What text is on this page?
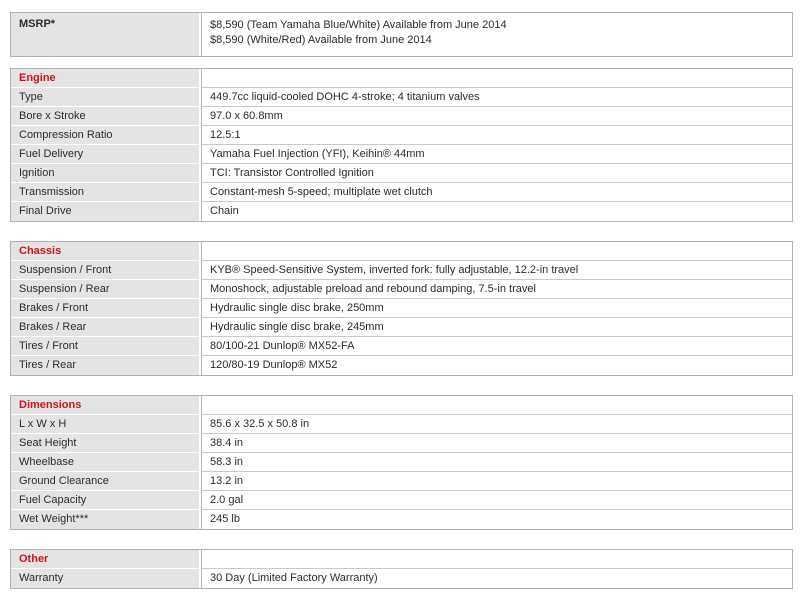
MSRP*	$8,590 (Team Yamaha Blue/White) Available from June 2014
$8,590 (White/Red) Available from June 2014
Engine	
Type	449.7cc liquid-cooled DOHC 4-stroke; 4 titanium valves
Bore x Stroke	97.0 x 60.8mm
Compression Ratio	12.5:1
Fuel Delivery	Yamaha Fuel Injection (YFI), Keihin® 44mm
Ignition	TCI: Transistor Controlled Ignition
Transmission	Constant-mesh 5-speed; multiplate wet clutch
Final Drive	Chain
Chassis	
Suspension / Front	KYB® Speed-Sensitive System, inverted fork: fully adjustable, 12.2-in travel
Suspension / Rear	Monoshock, adjustable preload and rebound damping, 7.5-in travel
Brakes / Front	Hydraulic single disc brake, 250mm
Brakes / Rear	Hydraulic single disc brake, 245mm
Tires / Front	80/100-21 Dunlop® MX52-FA
Tires / Rear	120/80-19 Dunlop® MX52
Dimensions	
L x W x H	85.6 x 32.5 x 50.8 in
Seat Height	38.4 in
Wheelbase	58.3 in
Ground Clearance	13.2 in
Fuel Capacity	2.0 gal
Wet Weight***	245 lb
Other	
Warranty	30 Day (Limited Factory Warranty)
